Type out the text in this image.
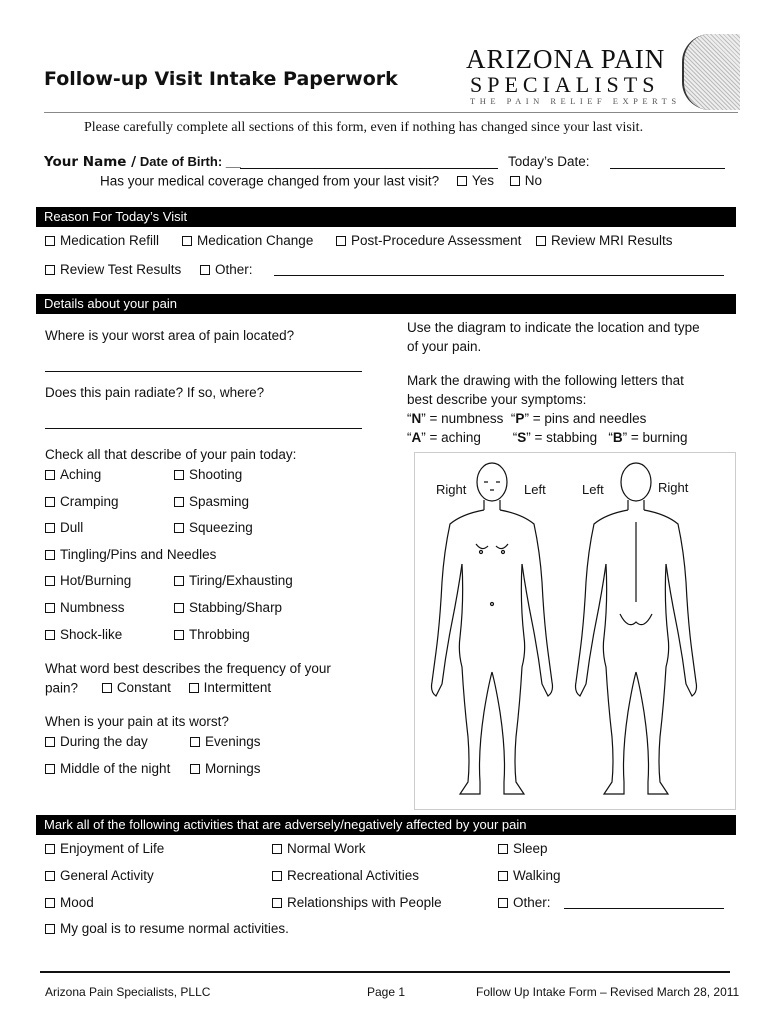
Follow-up Visit Intake Paperwork
ARIZONA PAIN
SPECIALISTS
THE PAIN RELIEF EXPERTS
Please carefully complete all sections of this form, even if nothing has changed since your last visit.
Your Name / Date of Birth: __	Today’s Date:
Has your medical coverage changed from your last visit? Yes
No
Reason For Today’s Visit
Medication Refill	Medication Change	Post-Procedure Assessment Review MRI Results
Review Test Results Other:
Details about your pain
Where is your worst area of pain located?
Does this pain radiate? If so, where?
Check all that describe of your pain today:
Aching	Shooting
Cramping	Spasming
Dull	Squeezing
Tingling/Pins and Needles
Hot/Burning	Tiring/Exhausting
Numbness	Stabbing/Sharp
Shock-like	Throbbing
What word best describes the frequency of your
pain?	Constant
Intermittent
When is your pain at its worst?
During the day	Evenings
Middle of the night	Mornings
Use the diagram to indicate the location and type
of your pain.
Mark the drawing with the following letters that
best describe your symptoms:
“N” = numbness  “P” = pins and needles
“A” = aching “S” = stabbing   “B” = burning
Right	Left	Left	Right
Mark all of the following activities that are adversely/negatively affected by your pain
Enjoyment of Life	Normal Work	Sleep
General Activity	Recreational Activities	Walking
Mood	Relationships with People	Other:
My goal is to resume normal activities.
Arizona Pain Specialists, PLLC	Page 1	Follow Up Intake Form – Revised March 28, 2011
